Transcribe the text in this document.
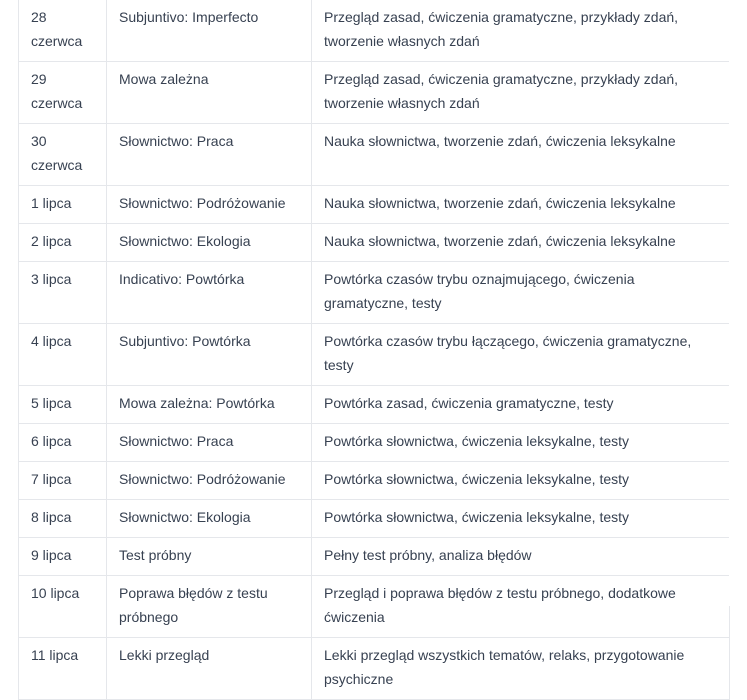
28 czerwca	Subjuntivo: Imperfecto	Przegląd zasad, ćwiczenia gramatyczne, przykłady zdań, tworzenie własnych zdań
29 czerwca	Mowa zależna	Przegląd zasad, ćwiczenia gramatyczne, przykłady zdań, tworzenie własnych zdań
30 czerwca	Słownictwo: Praca	Nauka słownictwa, tworzenie zdań, ćwiczenia leksykalne
1 lipca	Słownictwo: Podróżowanie	Nauka słownictwa, tworzenie zdań, ćwiczenia leksykalne
2 lipca	Słownictwo: Ekologia	Nauka słownictwa, tworzenie zdań, ćwiczenia leksykalne
3 lipca	Indicativo: Powtórka	Powtórka czasów trybu oznajmującego, ćwiczenia gramatyczne, testy
4 lipca	Subjuntivo: Powtórka	Powtórka czasów trybu łączącego, ćwiczenia gramatyczne, testy
5 lipca	Mowa zależna: Powtórka	Powtórka zasad, ćwiczenia gramatyczne, testy
6 lipca	Słownictwo: Praca	Powtórka słownictwa, ćwiczenia leksykalne, testy
7 lipca	Słownictwo: Podróżowanie	Powtórka słownictwa, ćwiczenia leksykalne, testy
8 lipca	Słownictwo: Ekologia	Powtórka słownictwa, ćwiczenia leksykalne, testy
9 lipca	Test próbny	Pełny test próbny, analiza błędów
10 lipca	Poprawa błędów z testu próbnego	Przegląd i poprawa błędów z testu próbnego, dodatkowe ćwiczenia
11 lipca	Lekki przegląd	Lekki przegląd wszystkich tematów, relaks, przygotowanie psychiczne
